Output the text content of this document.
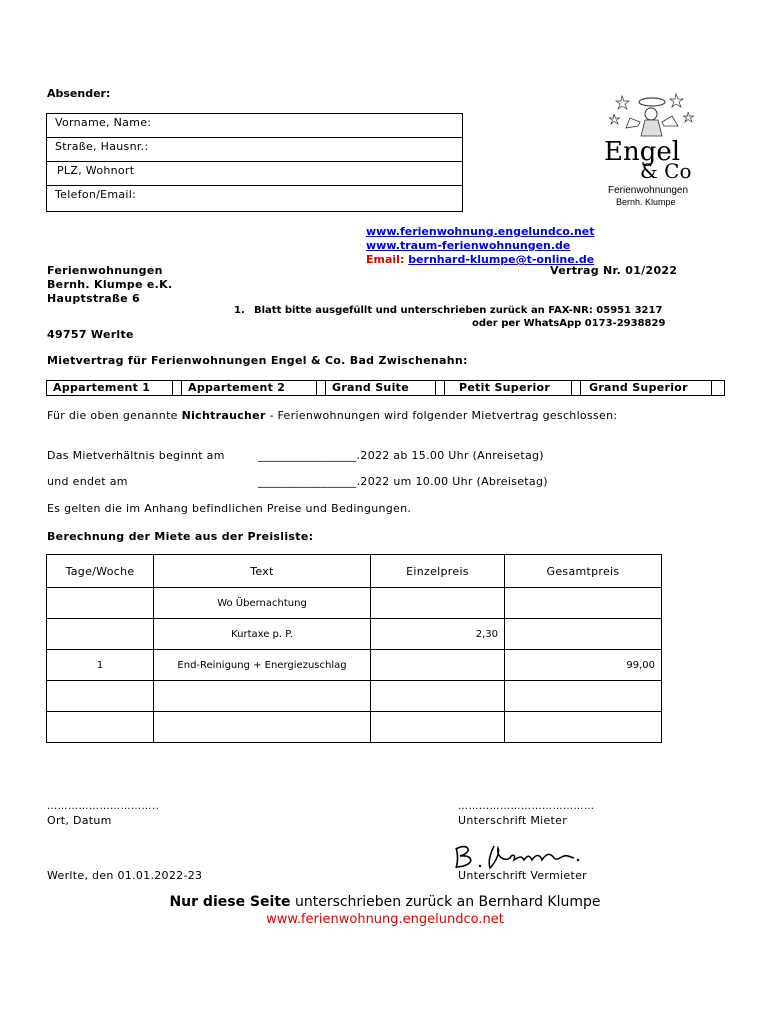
Absender:
Vorname, Name:
Straße, Hausnr.:
PLZ, Wohnort
Telefon/Email:
Engel
& Co
Ferienwohnungen
Bernh. Klumpe
www.ferienwohnung.engelundco.net
www.traum-ferienwohnungen.de
Email: bernhard-klumpe@t-online.de
Vertrag Nr. 01/2022
Ferienwohnungen
Bernh. Klumpe e.K.
Hauptstraße 6
1. Blatt bitte ausgefüllt und unterschrieben zurück an FAX-NR: 05951 3217
oder per WhatsApp 0173-2938829
49757 Werlte
Mietvertrag für Ferienwohnungen Engel & Co. Bad Zwischenahn:
Appartement 1		Appartement 2		Grand Suite		Petit Superior		Grand Superior	
Für die oben genannte Nichtraucher - Ferienwohnungen wird folgender Mietvertrag geschlossen:
Das Mietverhältnis beginnt am	_________________.2022 ab 15.00 Uhr (Anreisetag)
und endet am	_________________.2022 um 10.00 Uhr (Abreisetag)
Es gelten die im Anhang befindlichen Preise und Bedingungen.
Berechnung der Miete aus der Preisliste:
Tage/Woche	Text	Einzelpreis	Gesamtpreis
	Wo Übernachtung		
	Kurtaxe p. P.	2,30	
1	End-Reinigung + Energiezuschlag		99,00

…………………………..
Ort, Datum
…………………………………
Unterschrift Mieter
Werlte, den 01.01.2022-23	Unterschrift Vermieter
Nur diese Seite unterschrieben zurück an Bernhard Klumpe
www.ferienwohnung.engelundco.net
